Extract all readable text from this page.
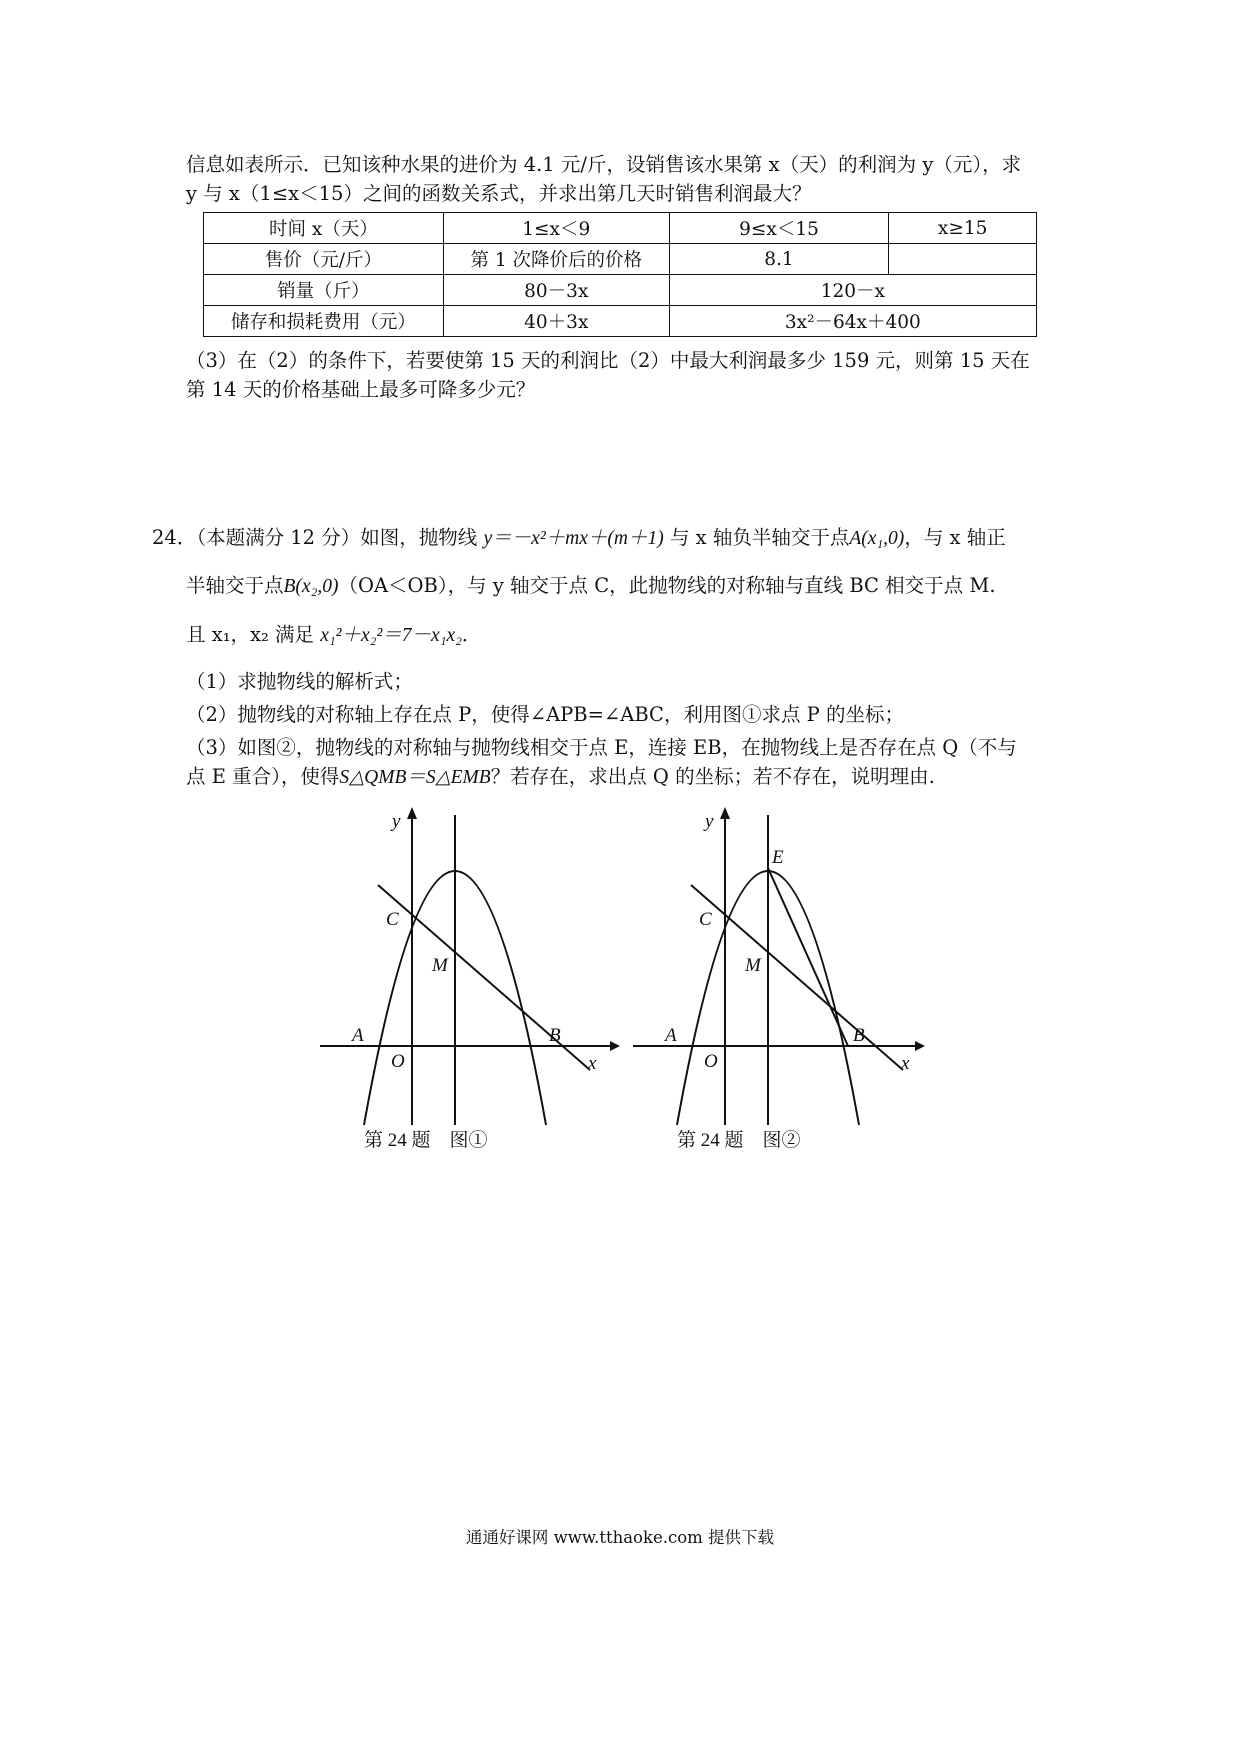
信息如表所示．已知该种水果的进价为 4.1 元/斤，设销售该水果第 x（天）的利润为 y（元），求
y 与 x（1≤x＜15）之间的函数关系式，并求出第几天时销售利润最大？
时间 x（天）	1≤x＜9	9≤x＜15	x≥15
售价（元/斤）	第 1 次降价后的价格	8.1	
销量（斤）	80－3x	120－x	
储存和损耗费用（元）	40＋3x	3x²－64x＋400	
（3）在（2）的条件下，若要使第 15 天的利润比（2）中最大利润最多少 159 元，则第 15 天在
第 14 天的价格基础上最多可降多少元？
24．（本题满分 12 分）如图，抛物线 y＝－x²＋mx＋(m＋1) 与 x 轴负半轴交于点A(x₁,0)，与 x 轴正
半轴交于点B(x₂,0)（OA＜OB），与 y 轴交于点 C，此抛物线的对称轴与直线 BC 相交于点 M.
且 x₁，x₂ 满足 x₁²＋x₂²＝7－x₁x₂．
（1）求抛物线的解析式；
（2）抛物线的对称轴上存在点 P，使得∠APB=∠ABC，利用图①求点 P 的坐标；
（3）如图②，抛物线的对称轴与抛物线相交于点 E，连接 EB，在抛物线上是否存在点 Q（不与
点 E 重合），使得S△QMB＝S△EMB？若存在，求出点 Q 的坐标；若不存在，说明理由.
y
x
O
A	B
C
M
第 24 题　图①
y
x
O
A	B
C
M
E
第 24 题　图②
通通好课网 www.tthaoke.com 提供下载
